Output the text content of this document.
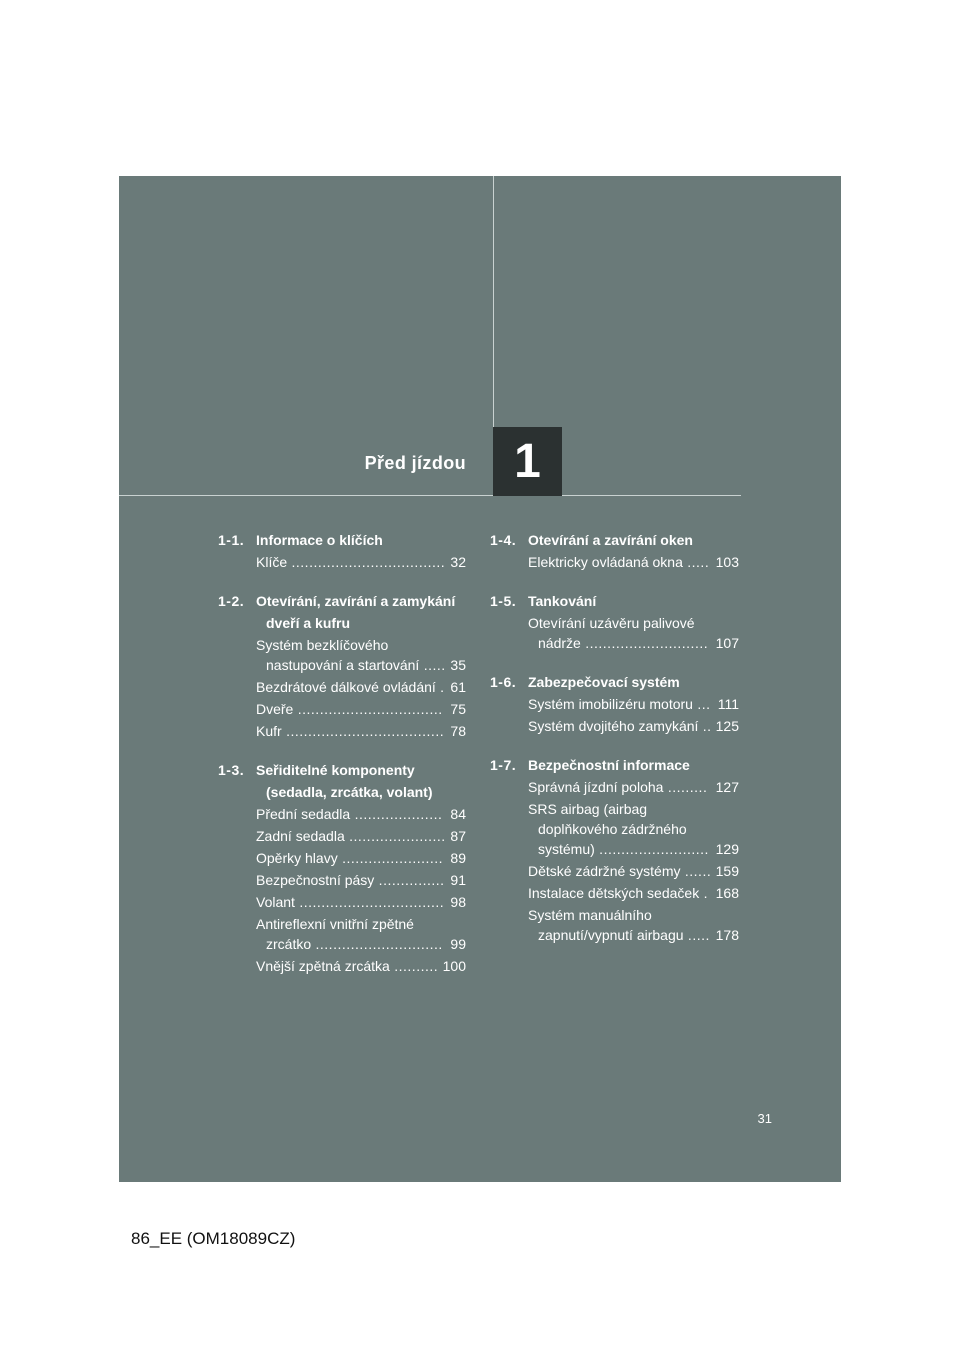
Před jízdou	1
1-1. Informace o klíčích
Klíče ................................... 32
1-2. Otevírání, zavírání a zamykání dveří a kufru
Systém bezklíčového nastupování a startování ..... 35
Bezdrátové dálkové ovládání . 61
Dveře ................................. 75
Kufr .................................... 78
1-3. Seřiditelné komponenty (sedadla, zrcátka, volant)
Přední sedadla .................... 84
Zadní sedadla ...................... 87
Opěrky hlavy ....................... 89
Bezpečnostní pásy ............... 91
Volant ................................. 98
Antireflexní vnitřní zpětné zrcátko ............................. 99
Vnější zpětná zrcátka .......... 100
1-4. Otevírání a zavírání oken
Elektricky ovládaná okna ..... 103
1-5. Tankování
Otevírání uzávěru palivové nádrže ............................ 107
1-6. Zabezpečovací systém
Systém imobilizéru motoru ... 111
Systém dvojitého zamykání .. 125
1-7. Bezpečnostní informace
Správná jízdní poloha ......... 127
SRS airbag (airbag doplňkového zádržného systému) ......................... 129
Dětské zádržné systémy ...... 159
Instalace dětských sedaček . 168
Systém manuálního zapnutí/vypnutí airbagu ..... 178
31
86_EE (OM18089CZ)
